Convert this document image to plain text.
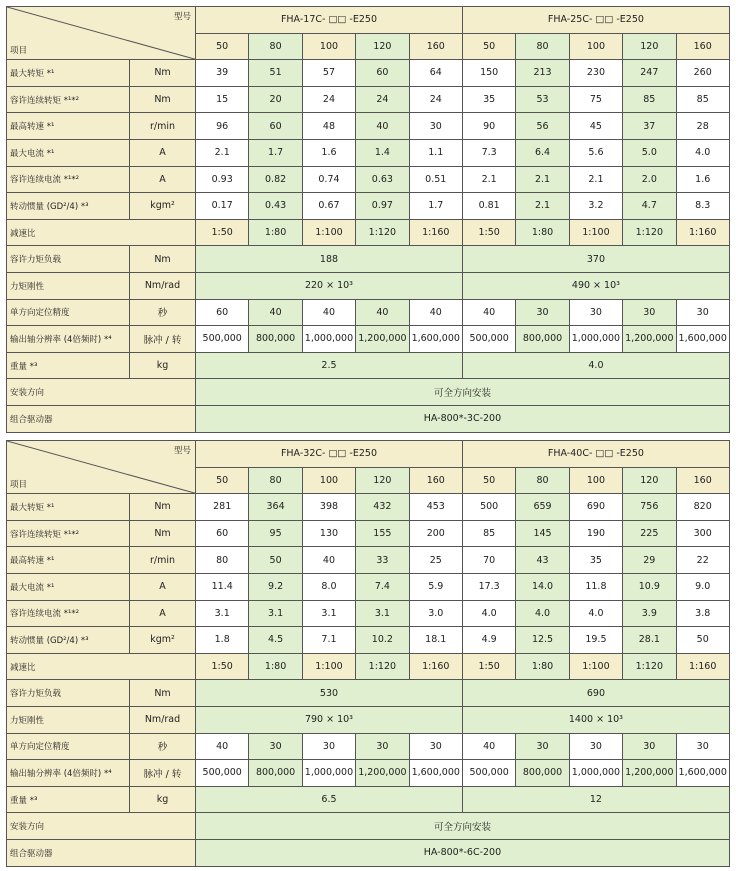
型号
项目		FHA-17C- □□ -E250					FHA-25C- □□ -E250				
		50	80	100	120	160	50	80	100	120	160
最大转矩 *¹	Nm	39	51	57	60	64	150	213	230	247	260
容许连续转矩 *¹*²	Nm	15	20	24	24	24	35	53	75	85	85
最高转速 *¹	r/min	96	60	48	40	30	90	56	45	37	28
最大电流 *¹	A	2.1	1.7	1.6	1.4	1.1	7.3	6.4	5.6	5.0	4.0
容许连续电流 *¹*²	A	0.93	0.82	0.74	0.63	0.51	2.1	2.1	2.1	2.0	1.6
转动惯量 (GD²/4) *³	kgm²	0.17	0.43	0.67	0.97	1.7	0.81	2.1	3.2	4.7	8.3
减速比		1:50	1:80	1:100	1:120	1:160	1:50	1:80	1:100	1:120	1:160
容许力矩负载	Nm	188					370				
力矩刚性	Nm/rad	220 × 10³					490 × 10³				
单方向定位精度	秒	60	40	40	40	40	40	30	30	30	30
输出轴分辨率 (4倍频时) *⁴	脉冲 / 转	500,000	800,000	1,000,000	1,200,000	1,600,000	500,000	800,000	1,000,000	1,200,000	1,600,000
重量 *³	kg	2.5					4.0				
安装方向		可全方向安装									
组合驱动器		HA-800*-3C-200									
型号
项目		FHA-32C- □□ -E250					FHA-40C- □□ -E250				
		50	80	100	120	160	50	80	100	120	160
最大转矩 *¹	Nm	281	364	398	432	453	500	659	690	756	820
容许连续转矩 *¹*²	Nm	60	95	130	155	200	85	145	190	225	300
最高转速 *¹	r/min	80	50	40	33	25	70	43	35	29	22
最大电流 *¹	A	11.4	9.2	8.0	7.4	5.9	17.3	14.0	11.8	10.9	9.0
容许连续电流 *¹*²	A	3.1	3.1	3.1	3.1	3.0	4.0	4.0	4.0	3.9	3.8
转动惯量 (GD²/4) *³	kgm²	1.8	4.5	7.1	10.2	18.1	4.9	12.5	19.5	28.1	50
减速比		1:50	1:80	1:100	1:120	1:160	1:50	1:80	1:100	1:120	1:160
容许力矩负载	Nm	530					690				
力矩刚性	Nm/rad	790 × 10³					1400 × 10³				
单方向定位精度	秒	40	30	30	30	30	40	30	30	30	30
输出轴分辨率 (4倍频时) *⁴	脉冲 / 转	500,000	800,000	1,000,000	1,200,000	1,600,000	500,000	800,000	1,000,000	1,200,000	1,600,000
重量 *³	kg	6.5					12				
安装方向		可全方向安装									
组合驱动器		HA-800*-6C-200									
